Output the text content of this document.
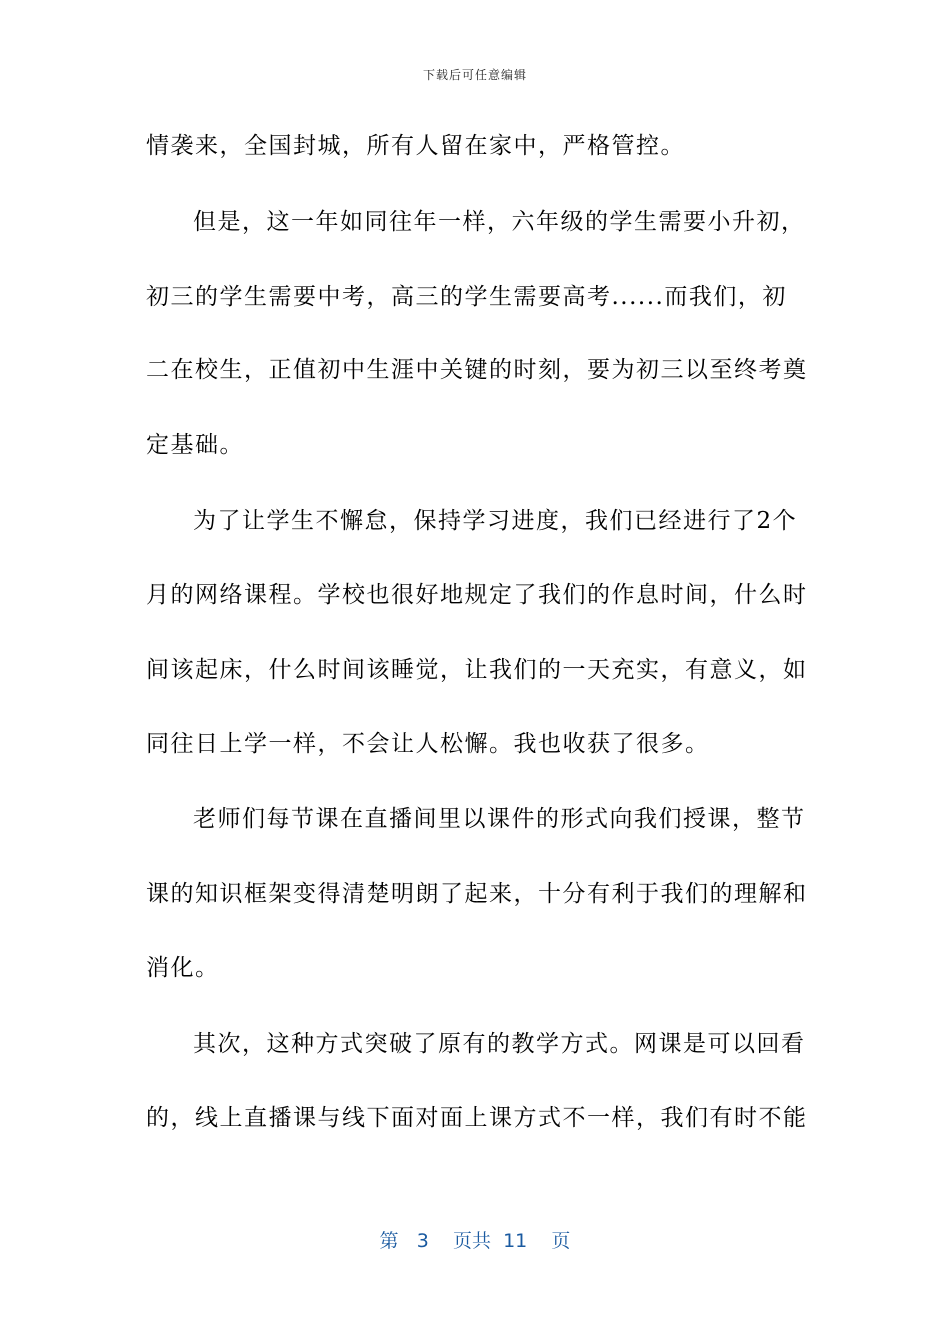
下载后可任意编辑
情袭来，全国封城，所有人留在家中，严格管控。
但是，这一年如同往年一样，六年级的学生需要小升初，
初三的学生需要中考，高三的学生需要高考......而我们，初
二在校生，正值初中生涯中关键的时刻，要为初三以至终考奠
定基础。
为了让学生不懈怠，保持学习进度，我们已经进行了2个
月的网络课程。学校也很好地规定了我们的作息时间，什么时
间该起床，什么时间该睡觉，让我们的一天充实，有意义，如
同往日上学一样，不会让人松懈。我也收获了很多。
老师们每节课在直播间里以课件的形式向我们授课，整节
课的知识框架变得清楚明朗了起来，十分有利于我们的理解和
消化。
其次，这种方式突破了原有的教学方式。网课是可以回看
的，线上直播课与线下面对面上课方式不一样，我们有时不能
第 3 页共 11 页
